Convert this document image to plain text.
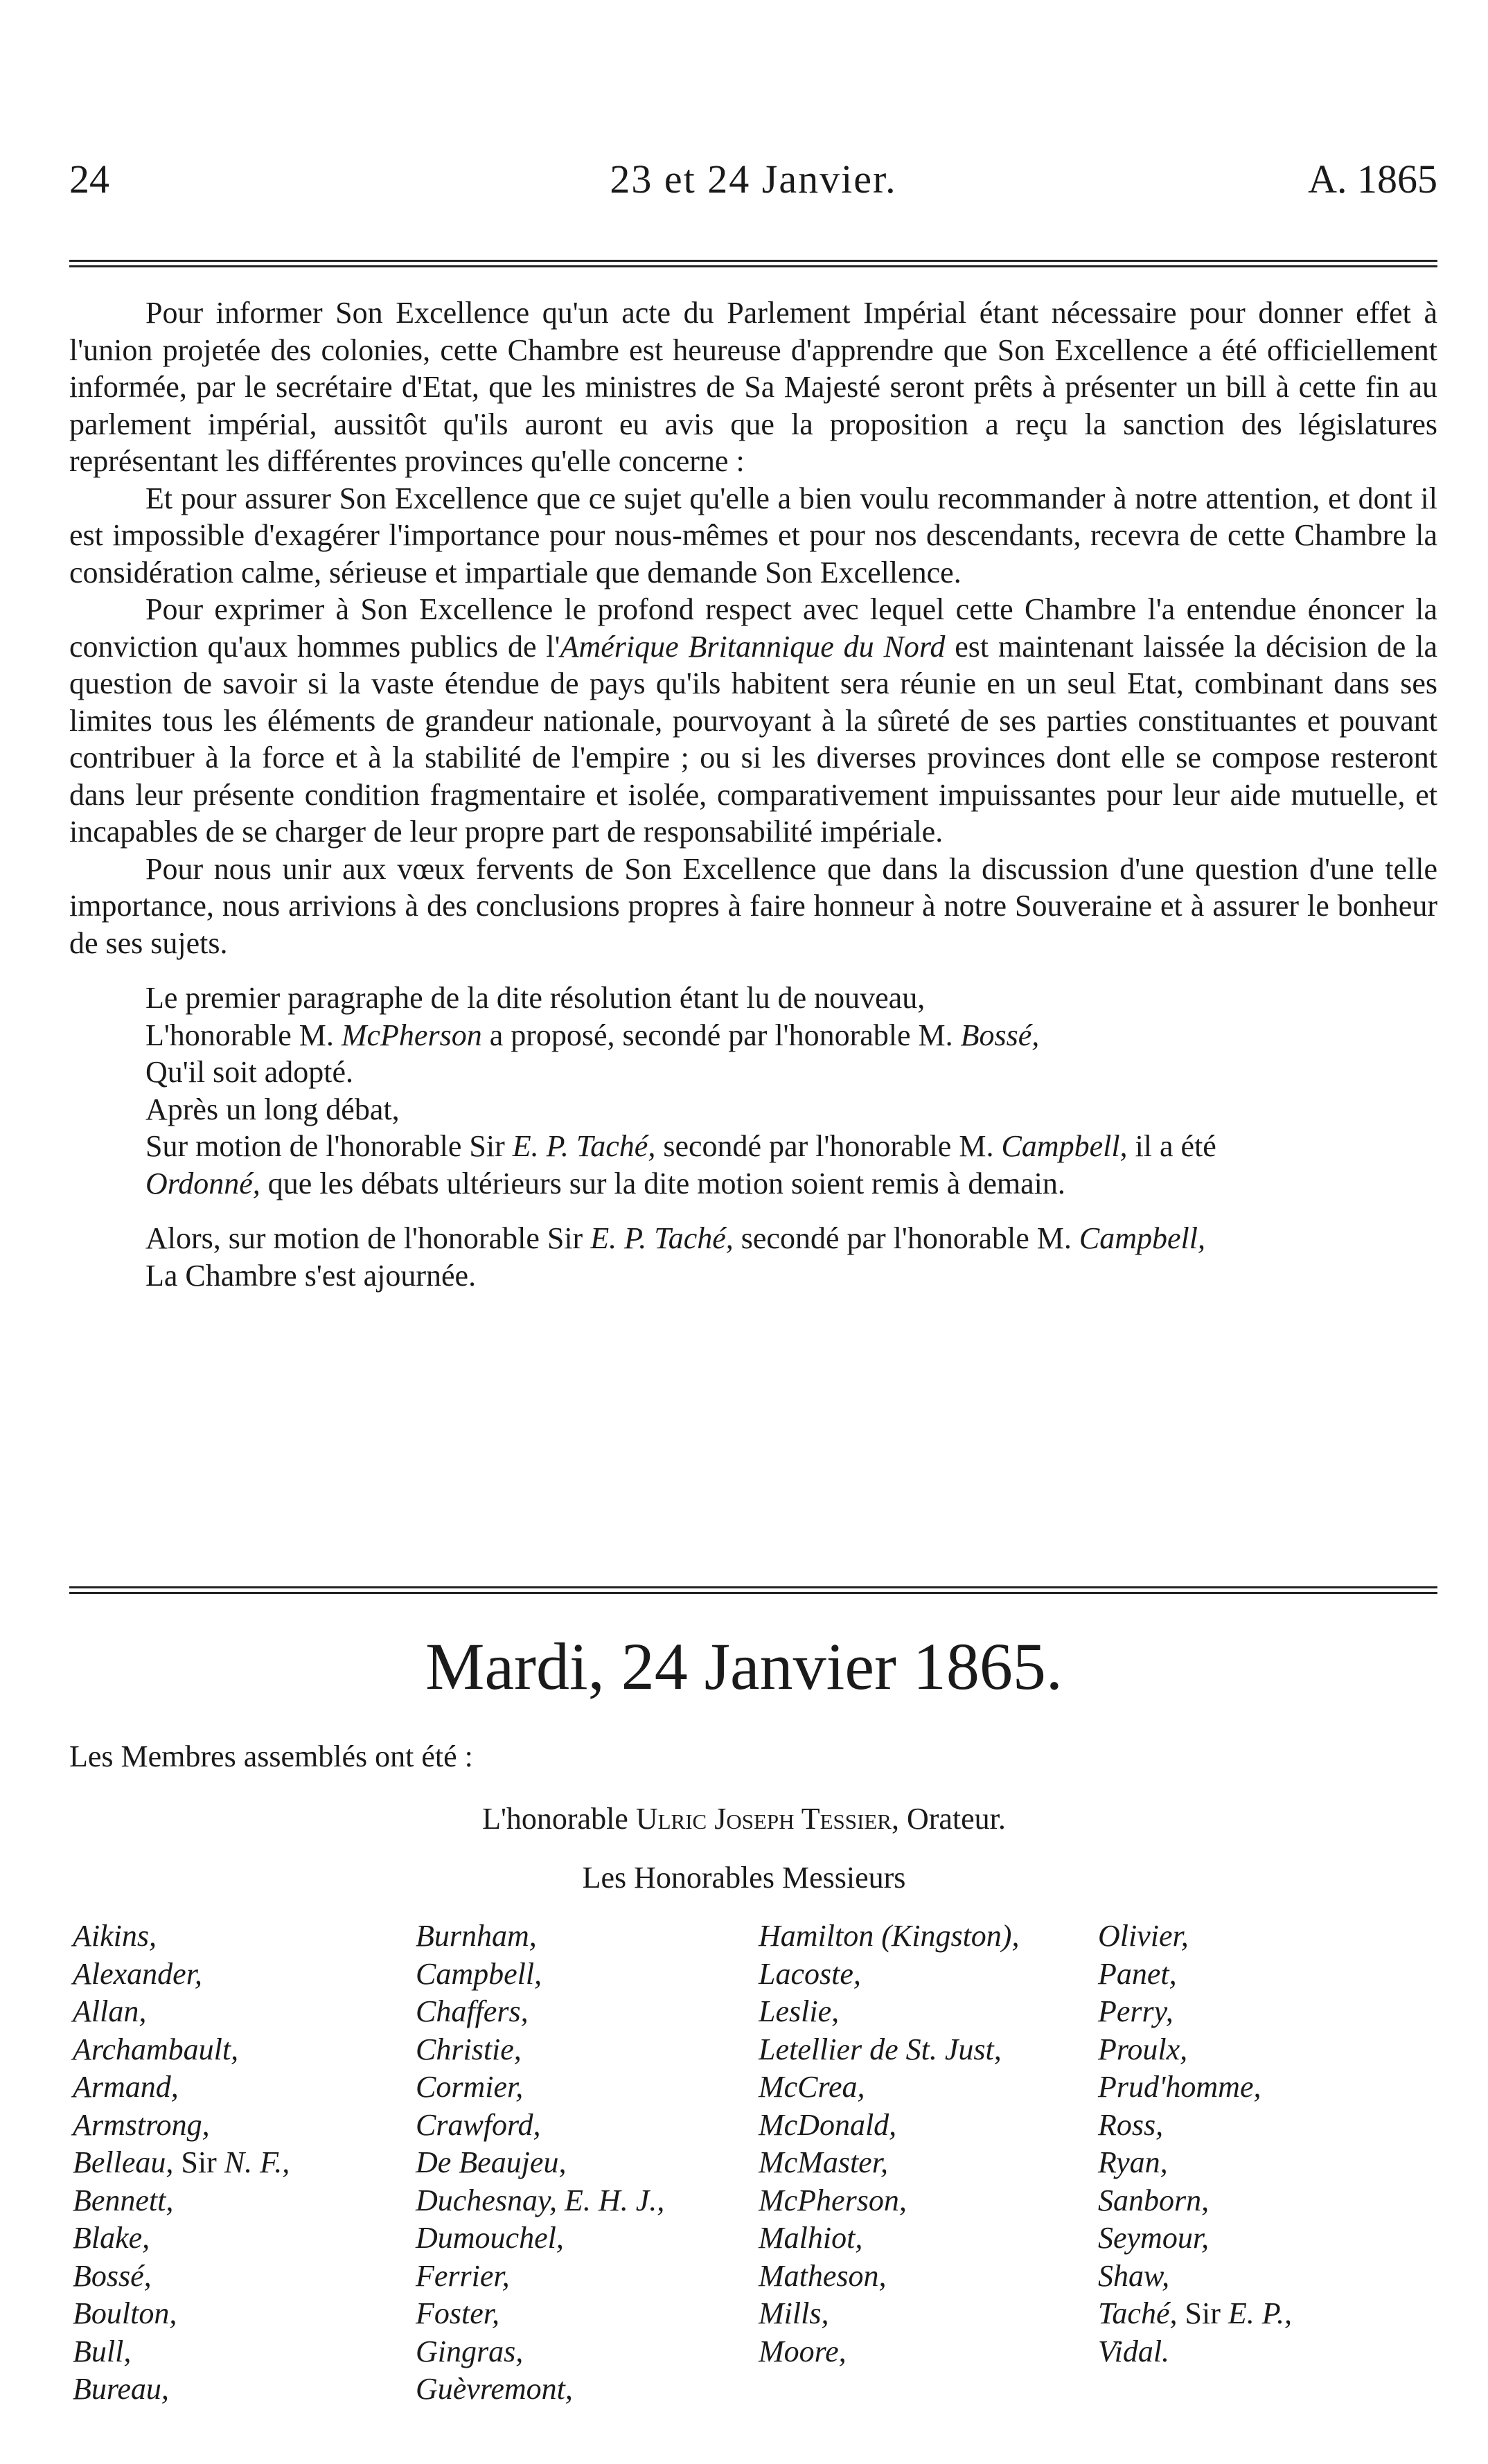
24	23 et 24 Janvier.	A. 1865

Pour informer Son Excellence qu'un acte du Parlement Impérial étant nécessaire pour donner effet à l'union projetée des colonies, cette Chambre est heureuse d'apprendre que Son Excellence a été officiellement informée, par le secrétaire d'Etat, que les ministres de Sa Majesté seront prêts à présenter un bill à cette fin au parlement impérial, aussitôt qu'ils auront eu avis que la proposition a reçu la sanction des législatures représentant les différentes provinces qu'elle concerne :

Et pour assurer Son Excellence que ce sujet qu'elle a bien voulu recommander à notre attention, et dont il est impossible d'exagérer l'importance pour nous-mêmes et pour nos descendants, recevra de cette Chambre la considération calme, sérieuse et impartiale que demande Son Excellence.

Pour exprimer à Son Excellence le profond respect avec lequel cette Chambre l'a entendue énoncer la conviction qu'aux hommes publics de l'Amérique Britannique du Nord est maintenant laissée la décision de la question de savoir si la vaste étendue de pays qu'ils habitent sera réunie en un seul Etat, combinant dans ses limites tous les éléments de grandeur nationale, pourvoyant à la sûreté de ses parties constituantes et pouvant contribuer à la force et à la stabilité de l'empire ; ou si les diverses provinces dont elle se compose resteront dans leur présente condition fragmentaire et isolée, comparativement impuissantes pour leur aide mutuelle, et incapables de se charger de leur propre part de responsabilité impériale.

Pour nous unir aux vœux fervents de Son Excellence que dans la discussion d'une question d'une telle importance, nous arrivions à des conclusions propres à faire honneur à notre Souveraine et à assurer le bonheur de ses sujets.

Le premier paragraphe de la dite résolution étant lu de nouveau,

L'honorable M. McPherson a proposé, secondé par l'honorable M. Bossé,

Qu'il soit adopté.

Après un long débat,

Sur motion de l'honorable Sir E. P. Taché, secondé par l'honorable M. Campbell, il a été

Ordonné, que les débats ultérieurs sur la dite motion soient remis à demain.

Alors, sur motion de l'honorable Sir E. P. Taché, secondé par l'honorable M. Campbell,

La Chambre s'est ajournée.

Mardi, 24 Janvier 1865.
Les Membres assemblés ont été :
L'honorable Ulric Joseph Tessier, Orateur.
Les Honorables Messieurs
Aikins,
Alexander,
Allan,
Archambault,
Armand,
Armstrong,
Belleau, Sir N. F.,
Bennett,
Blake,
Bossé,
Boulton,
Bull,
Bureau,
Burnham,
Campbell,
Chaffers,
Christie,
Cormier,
Crawford,
De Beaujeu,
Duchesnay, E. H. J.,
Dumouchel,
Ferrier,
Foster,
Gingras,
Guèvremont,
Hamilton (Kingston),
Lacoste,
Leslie,
Letellier de St. Just,
McCrea,
McDonald,
McMaster,
McPherson,
Malhiot,
Matheson,
Mills,
Moore,
Olivier,
Panet,
Perry,
Proulx,
Prud'homme,
Ross,
Ryan,
Sanborn,
Seymour,
Shaw,
Taché, Sir E. P.,
Vidal.
